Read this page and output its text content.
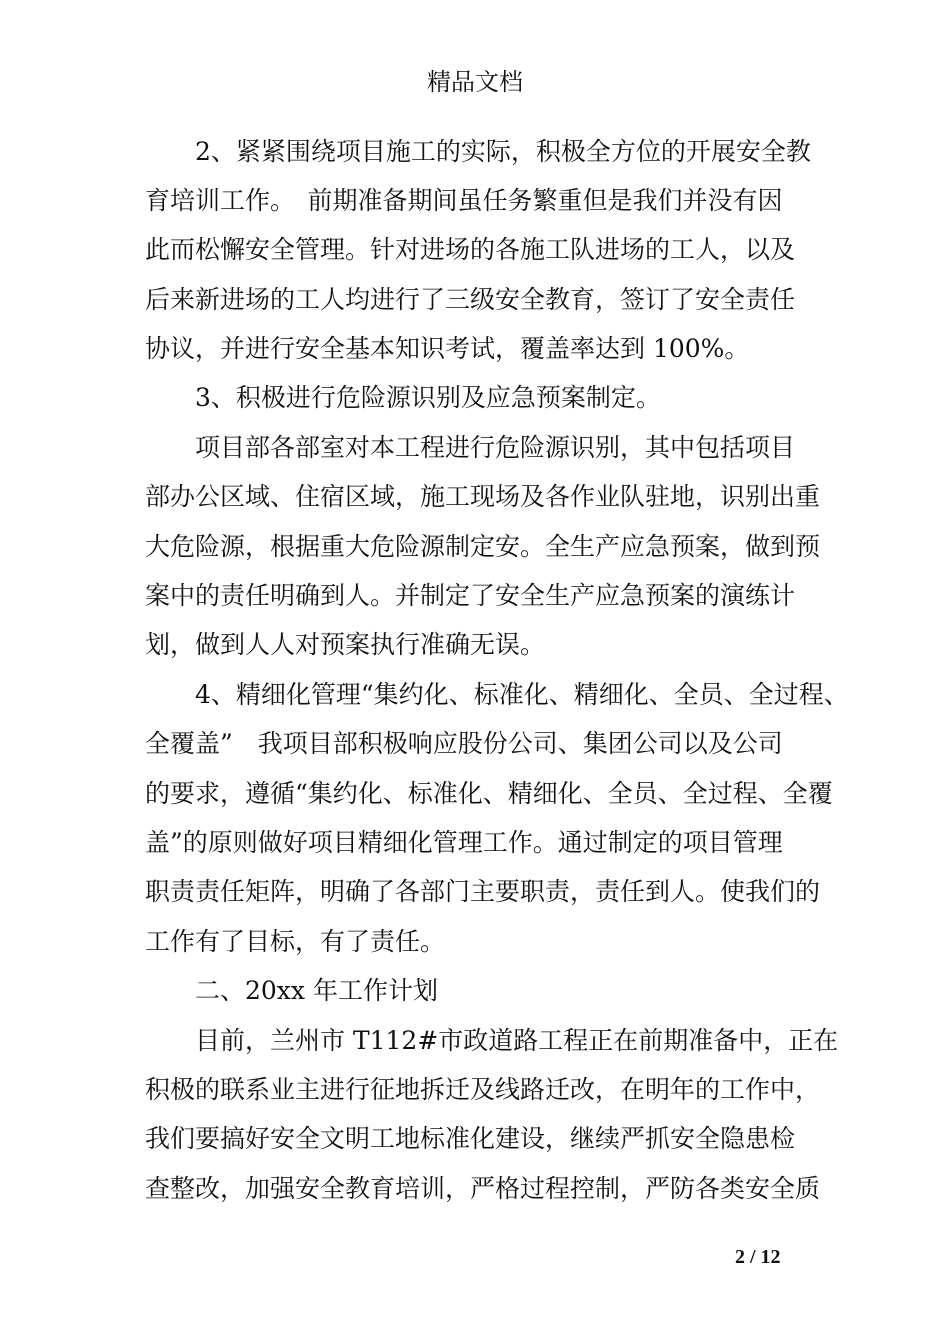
精品文档
　　2、紧紧围绕项目施工的实际，积极全方位的开展安全教
育培训工作。　前期准备期间虽任务繁重但是我们并没有因
此而松懈安全管理。针对进场的各施工队进场的工人，以及
后来新进场的工人均进行了三级安全教育，签订了安全责任
协议，并进行安全基本知识考试，覆盖率达到 100%。
　　3、积极进行危险源识别及应急预案制定。
　　项目部各部室对本工程进行危险源识别，其中包括项目
部办公区域、住宿区域，施工现场及各作业队驻地，识别出重
大危险源，根据重大危险源制定安。全生产应急预案，做到预
案中的责任明确到人。并制定了安全生产应急预案的演练计
划，做到人人对预案执行准确无误。
　　4、精细化管理“集约化、标准化、精细化、全员、全过程、
全覆盖”　我项目部积极响应股份公司、集团公司以及公司
的要求，遵循“集约化、标准化、精细化、全员、全过程、全覆
盖”的原则做好项目精细化管理工作。通过制定的项目管理
职责责任矩阵，明确了各部门主要职责，责任到人。使我们的
工作有了目标，有了责任。
　　二、20xx 年工作计划
　　目前，兰州市 T112#市政道路工程正在前期准备中，正在
积极的联系业主进行征地拆迁及线路迁改，在明年的工作中，
我们要搞好安全文明工地标准化建设，继续严抓安全隐患检
查整改，加强安全教育培训，严格过程控制，严防各类安全质
2 / 12
